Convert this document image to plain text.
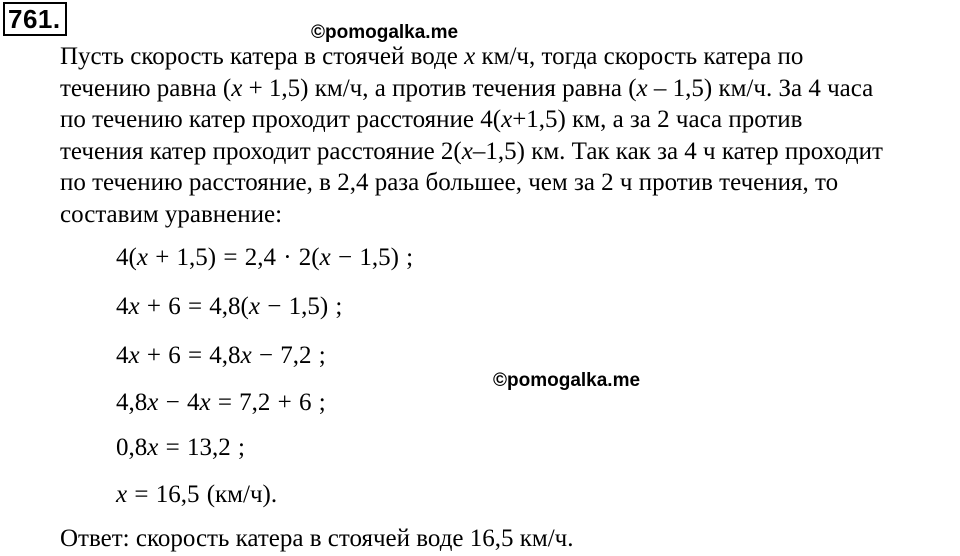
761.	©pomogalka.me

Пусть скорость катера в стоячей воде x км/ч, тогда скорость катера по
течению равна (x + 1,5) км/ч, а против течения равна (x – 1,5) км/ч. За 4 часа
по течению катер проходит расстояние 4(x+1,5) км, а за 2 часа против
течения катер проходит расстояние 2(x–1,5) км. Так как за 4 ч катер проходит
по течению расстояние, в 2,4 раза большее, чем за 2 ч против течения, то
составим уравнение:

4(x + 1,5) = 2,4 · 2(x − 1,5) ;
4x + 6 = 4,8(x − 1,5) ;
4x + 6 = 4,8x − 7,2 ;
4,8x − 4x = 7,2 + 6 ;
0,8x = 13,2 ;
x = 16,5 (км/ч).
©pomogalka.me

Ответ: скорость катера в стоячей воде 16,5 км/ч.
